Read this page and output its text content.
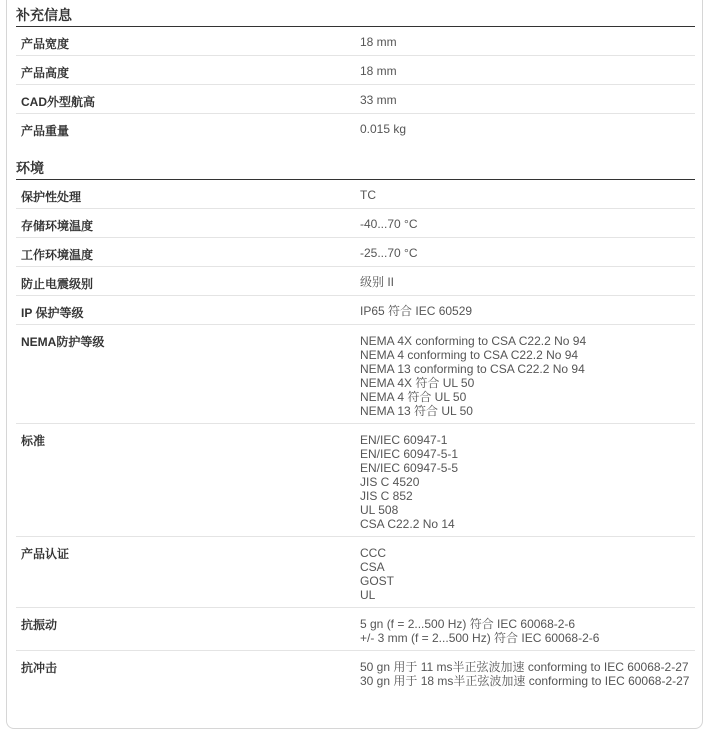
补充信息
产品宽度	18 mm
产品高度	18 mm
CAD外型航高	33 mm
产品重量	0.015 kg
环境
保护性处理	TC
存储环境温度	-40...70 °C
工作环境温度	-25...70 °C
防止电震级别	级别 II
IP 保护等级	IP65 符合 IEC 60529
NEMA防护等级	NEMA 4X conforming to CSA C22.2 No 94
NEMA 4 conforming to CSA C22.2 No 94
NEMA 13 conforming to CSA C22.2 No 94
NEMA 4X 符合 UL 50
NEMA 4 符合 UL 50
NEMA 13 符合 UL 50
标准	EN/IEC 60947-1
EN/IEC 60947-5-1
EN/IEC 60947-5-5
JIS C 4520
JIS C 852
UL 508
CSA C22.2 No 14
产品认证	CCC
CSA
GOST
UL
抗振动	5 gn (f = 2...500 Hz) 符合 IEC 60068-2-6
+/- 3 mm (f = 2...500 Hz) 符合 IEC 60068-2-6
抗冲击	50 gn 用于 11 ms半正弦波加速 conforming to IEC 60068-2-27
30 gn 用于 18 ms半正弦波加速 conforming to IEC 60068-2-27
